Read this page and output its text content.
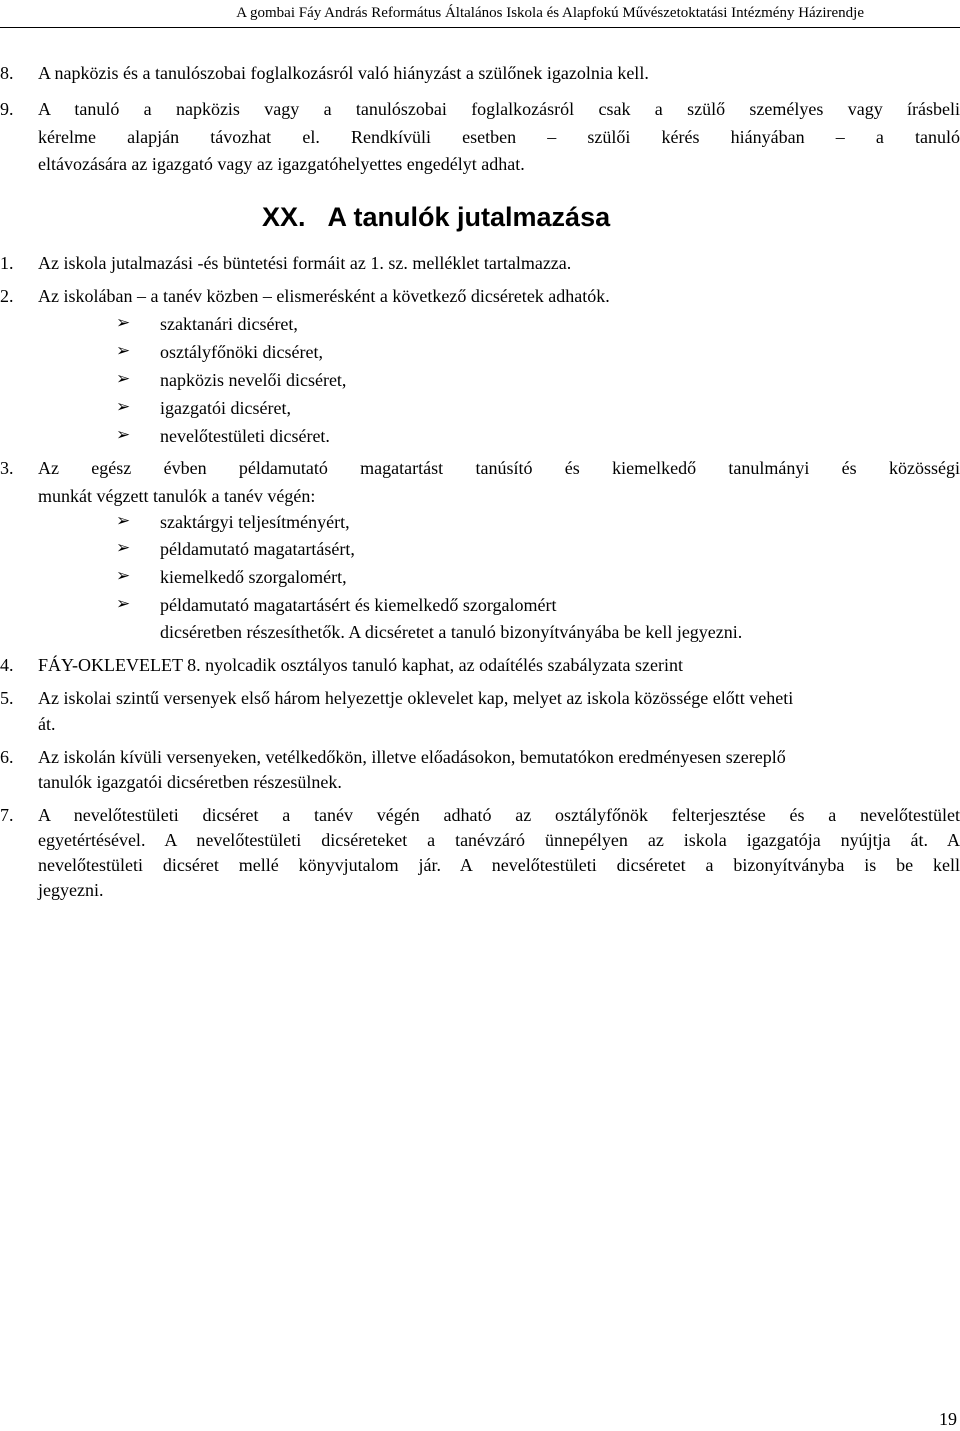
A gombai Fáy András Református Általános Iskola és Alapfokú Művészetoktatási Intézmény Házirendje
8. A napközis és a tanulószobai foglalkozásról való hiányzást a szülőnek igazolnia kell.
9. A tanuló a napközis vagy a tanulószobai foglalkozásról csak a szülő személyes vagy írásbeli
kérelme alapján távozhat el. Rendkívüli esetben – szülői kérés hiányában – a tanuló
eltávozására az igazgató vagy az igazgatóhelyettes engedélyt adhat.
XX. A tanulók jutalmazása
1. Az iskola jutalmazási -és büntetési formáit az 1. sz. melléklet tartalmazza.
2. Az iskolában – a tanév közben – elismerésként a következő dicséretek adhatók.
➢ szaktanári dicséret,
➢ osztályfőnöki dicséret,
➢ napközis nevelői dicséret,
➢ igazgatói dicséret,
➢ nevelőtestületi dicséret.
3. Az egész évben példamutató magatartást tanúsító és kiemelkedő tanulmányi és közösségi
munkát végzett tanulók a tanév végén:
➢ szaktárgyi teljesítményért,
➢ példamutató magatartásért,
➢ kiemelkedő szorgalomért,
➢ példamutató magatartásért és kiemelkedő szorgalomért
dicséretben részesíthetők. A dicséretet a tanuló bizonyítványába be kell jegyezni.
4. FÁY-OKLEVELET 8. nyolcadik osztályos tanuló kaphat, az odaítélés szabályzata szerint
5. Az iskolai szintű versenyek első három helyezettje oklevelet kap, melyet az iskola közössége előtt veheti
át.
6. Az iskolán kívüli versenyeken, vetélkedőkön, illetve előadásokon, bemutatókon eredményesen szereplő
tanulók igazgatói dicséretben részesülnek.
7. A nevelőtestületi dicséret a tanév végén adható az osztályfőnök felterjesztése és a nevelőtestület
egyetértésével. A nevelőtestületi dicséreteket a tanévzáró ünnepélyen az iskola igazgatója nyújtja át. A
nevelőtestületi dicséret mellé könyvjutalom jár. A nevelőtestületi dicséretet a bizonyítványba is be kell
jegyezni.
19
